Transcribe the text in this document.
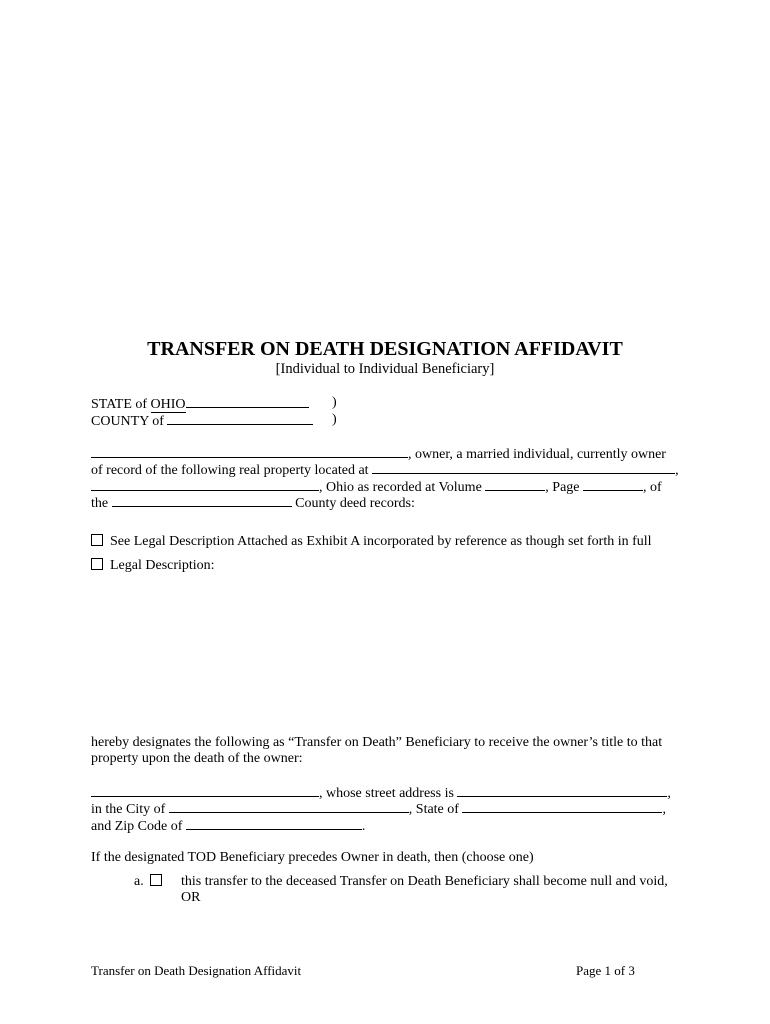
TRANSFER ON DEATH DESIGNATION AFFIDAVIT
[Individual to Individual Beneficiary]
STATE of OHIO	)
COUNTY of	)
, owner, a married individual, currently owner
of record of the following real property located at	,
, Ohio as recorded at Volume	, Page	, of
the	County deed records:
See Legal Description Attached as Exhibit A incorporated by reference as though set forth in full
Legal Description:
hereby designates the following as “Transfer on Death” Beneficiary to receive the owner’s title to that
property upon the death of the owner:
, whose street address is	,
in the City of	, State of	,
and Zip Code of	.
If the designated TOD Beneficiary precedes Owner in death, then (choose one)
a.	this transfer to the deceased Transfer on Death Beneficiary shall become null and void,
OR
Transfer on Death Designation Affidavit	Page 1 of 3
